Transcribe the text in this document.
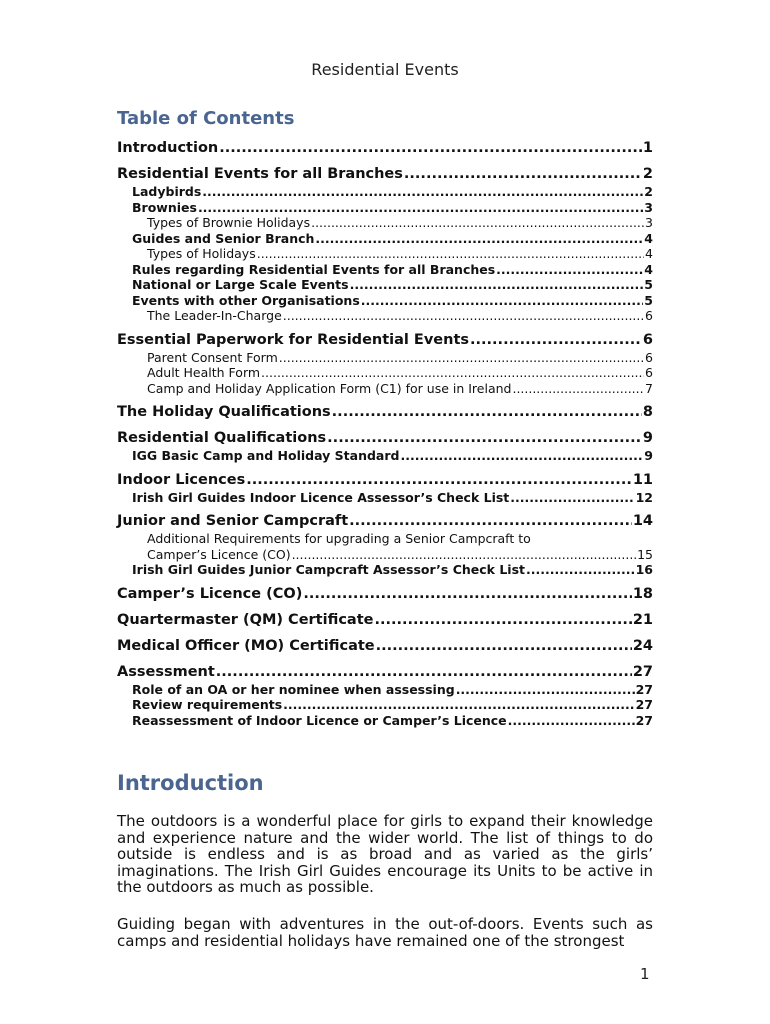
Residential Events
Table of Contents
Introduction .....	1
Residential Events for all Branches .....	2
Ladybirds .....	2
Brownies .....	3
Types of Brownie Holidays .....	3
Guides and Senior Branch .....	4
Types of Holidays .....	4
Rules regarding Residential Events for all Branches .....	4
National or Large Scale Events .....	5
Events with other Organisations .....	5
The Leader-In-Charge .....	6
Essential Paperwork for Residential Events .....	6
Parent Consent Form .....	6
Adult Health Form .....	6
Camp and Holiday Application Form (C1) for use in Ireland .....	7
The Holiday Qualifications .....	8
Residential Qualifications .....	9
IGG Basic Camp and Holiday Standard .....	9
Indoor Licences .....	11
Irish Girl Guides Indoor Licence Assessor’s Check List .....	12
Junior and Senior Campcraft .....	14
Additional Requirements for upgrading a Senior Campcraft to
Camper’s Licence (CO) .....	15
Irish Girl Guides Junior Campcraft Assessor’s Check List .....	16
Camper’s Licence (CO) .....	18
Quartermaster (QM) Certificate .....	21
Medical Officer (MO) Certificate .....	24
Assessment .....	27
Role of an OA or her nominee when assessing .....	27
Review requirements .....	27
Reassessment of Indoor Licence or Camper’s Licence .....	27
Introduction

The outdoors is a wonderful place for girls to expand their knowledge and experience nature and the wider world. The list of things to do outside is endless and is as broad and as varied as the girls’ imaginations. The Irish Girl Guides encourage its Units to be active in the outdoors as much as possible.

Guiding began with adventures in the out-of-doors. Events such as camps and residential holidays have remained one of the strongest

1
